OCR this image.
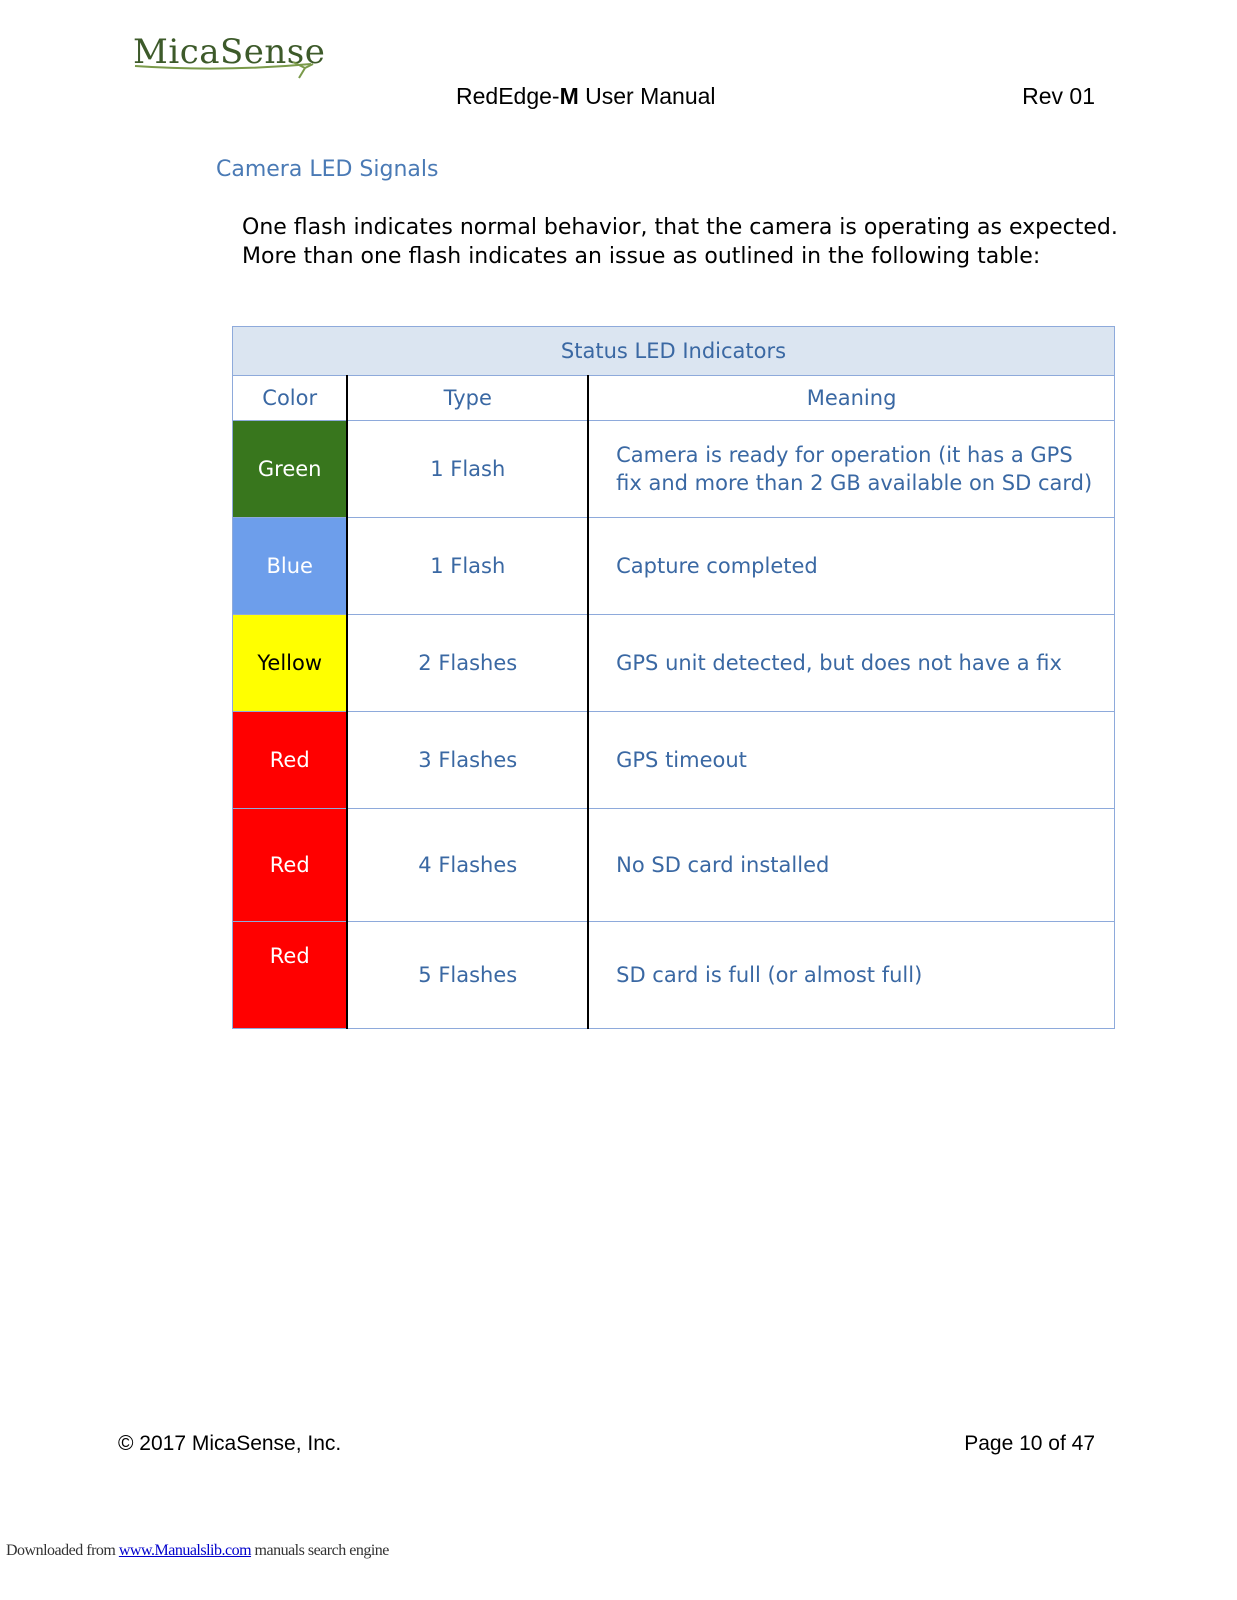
MicaSense
RedEdge-M User Manual	Rev 01
Camera LED Signals

One flash indicates normal behavior, that the camera is operating as expected.

More than one flash indicates an issue as outlined in the following table:

Status LED Indicators		
Color	Type	Meaning
Green	1 Flash	Camera is ready for operation (it has a GPS
fix and more than 2 GB available on SD card)

Blue	1 Flash	Capture completed
Yellow	2 Flashes	GPS unit detected, but does not have a fix
Red	3 Flashes	GPS timeout
Red	4 Flashes	No SD card installed
Red	5 Flashes	SD card is full (or almost full)
© 2017 MicaSense, Inc.	Page 10 of 47
Downloaded from www.Manualslib.com manuals search engine
